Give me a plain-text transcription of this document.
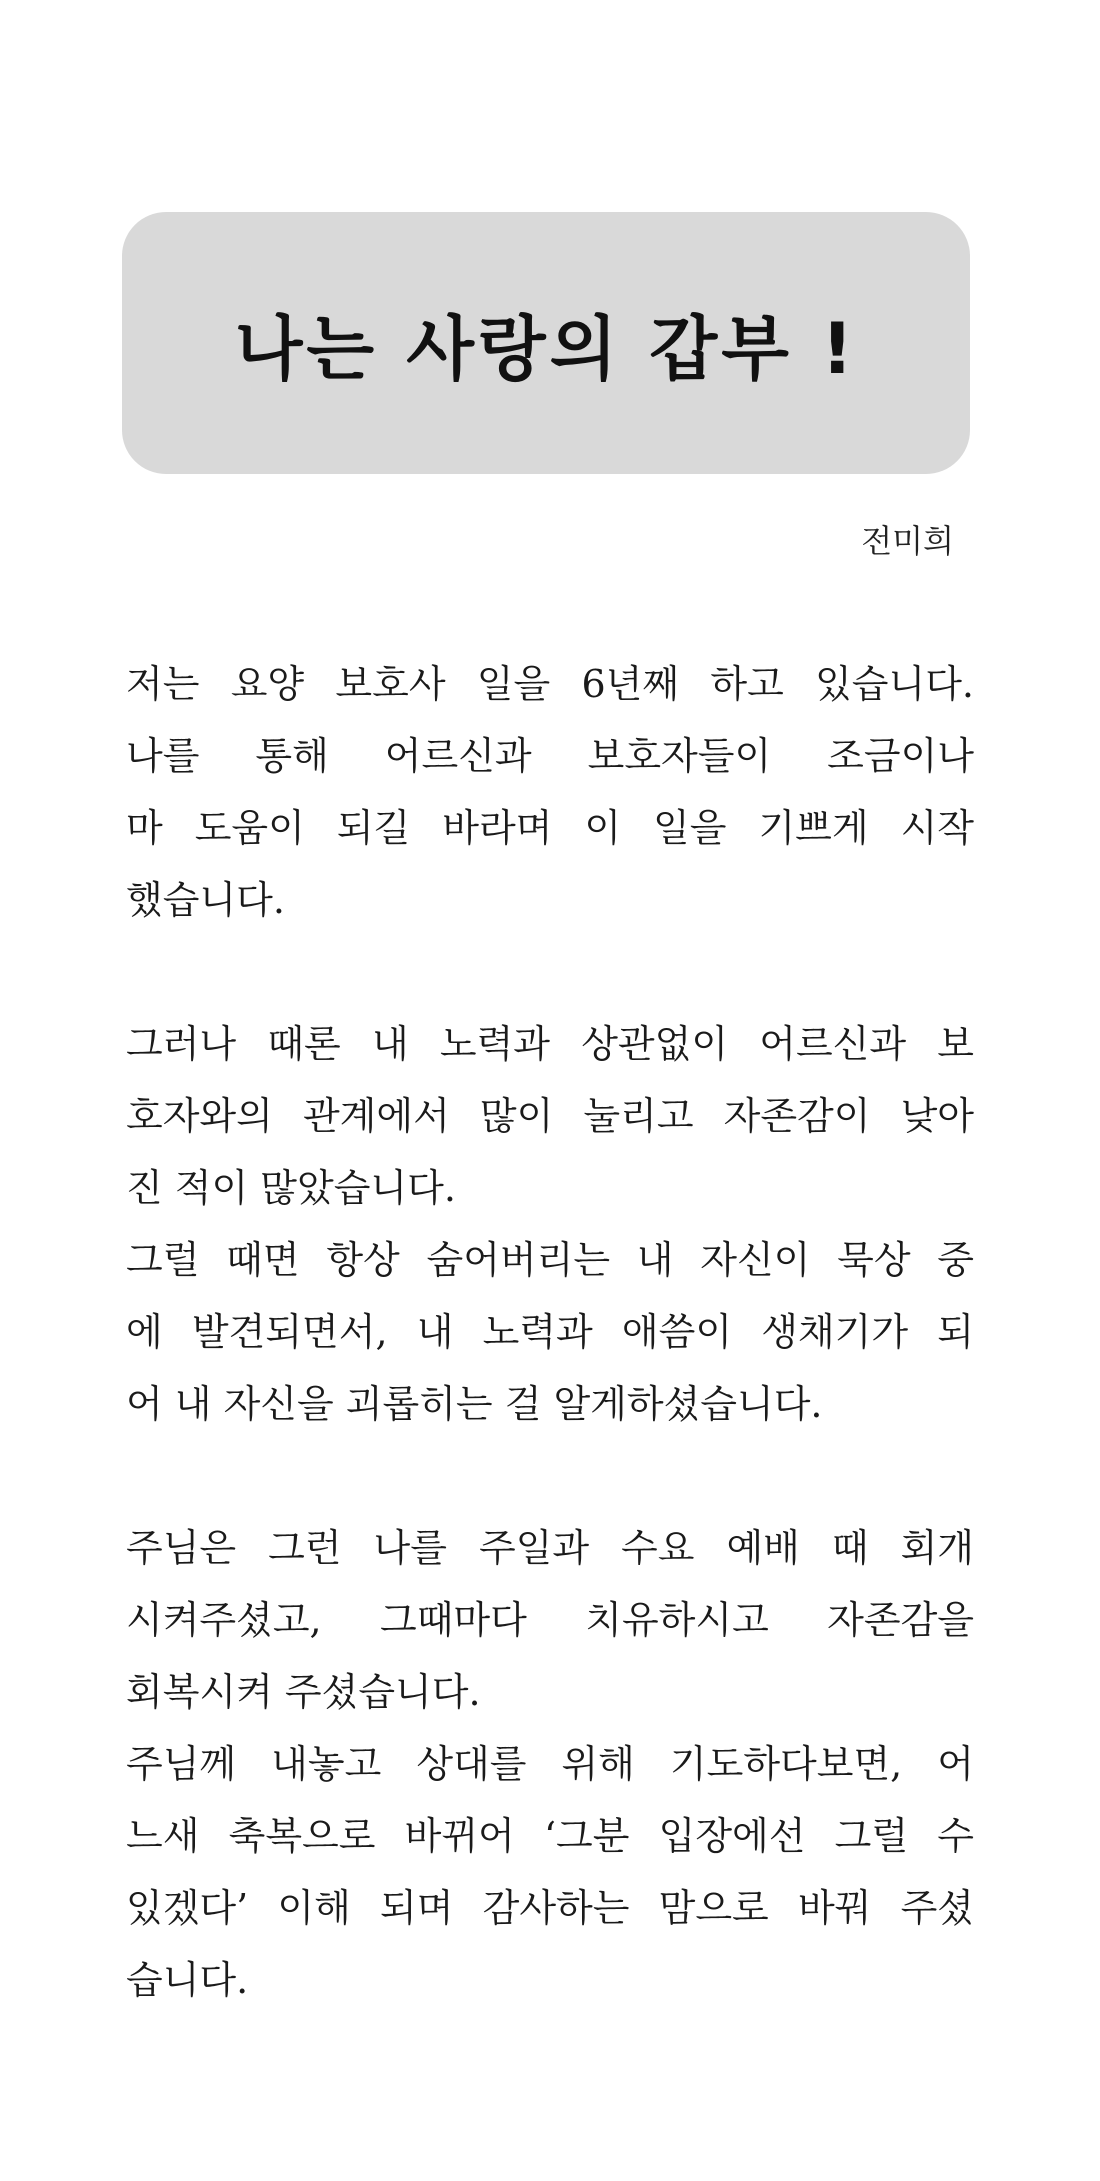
나는 사랑의 갑부 !
전미희

저는 요양 보호사 일을 6년째 하고 있습니다.
나를 통해 어르신과 보호자들이 조금이나
마 도움이 되길 바라며 이 일을 기쁘게 시작
했습니다.

그러나 때론 내 노력과 상관없이 어르신과 보
호자와의 관계에서 많이 눌리고 자존감이 낮아
진 적이 많았습니다.
그럴 때면 항상 숨어버리는 내 자신이 묵상 중
에 발견되면서, 내 노력과 애씀이 생채기가 되
어 내 자신을 괴롭히는 걸 알게하셨습니다.

주님은 그런 나를 주일과 수요 예배 때 회개
시켜주셨고, 그때마다 치유하시고 자존감을
회복시켜 주셨습니다.
주님께 내놓고 상대를 위해 기도하다보면, 어
느새 축복으로 바뀌어 ‘그분 입장에선 그럴 수
있겠다’ 이해 되며 감사하는 맘으로 바꿔 주셨
습니다.
